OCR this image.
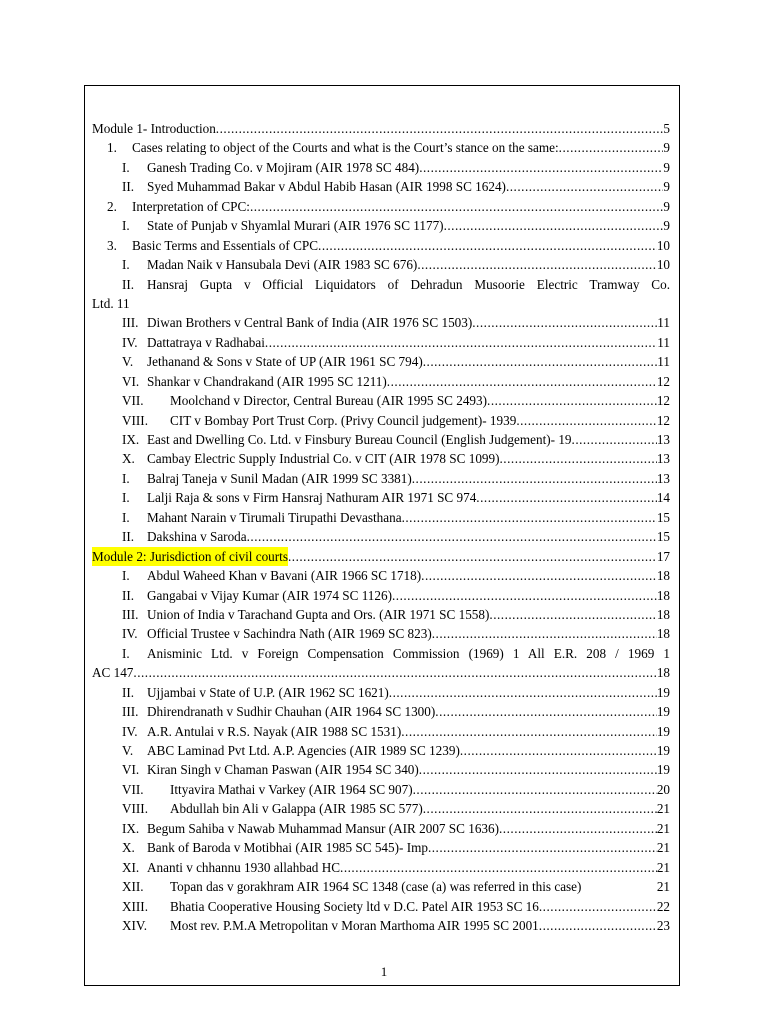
Module 1- Introduction .....	5
1.	Cases relating to object of the Courts and what is the Court’s stance on the same: .....	9
I.	Ganesh Trading Co. v Mojiram (AIR 1978 SC 484) .....	9
II. Syed Muhammad Bakar v Abdul Habib Hasan (AIR 1998 SC 1624) .....	9
2.	Interpretation of CPC: .....	9
I.	State of Punjab v Shyamlal Murari (AIR 1976 SC 1177) .....	9
3.	Basic Terms and Essentials of CPC .....	10
I.	Madan Naik v Hansubala Devi (AIR 1983 SC 676) .....	10
II. Hansraj Gupta v Official Liquidators of Dehradun Musoorie Electric Tramway Co.
Ltd. 11
III. Diwan Brothers v Central Bank of India (AIR 1976 SC 1503) .....	11
IV. Dattatraya v Radhabai .....	11
V.	Jethanand & Sons v State of UP (AIR 1961 SC 794) .....	11
VI. Shankar v Chandrakand (AIR 1995 SC 1211) .....	12
VII.	Moolchand v Director, Central Bureau (AIR 1995 SC 2493) .....	12
VIII.	CIT v Bombay Port Trust Corp. (Privy Council judgement)- 1939 .....	12
IX. East and Dwelling Co. Ltd. v Finsbury Bureau Council (English Judgement)- 19 .....	13
X. Cambay Electric Supply Industrial Co. v CIT (AIR 1978 SC 1099) .....	13
I.	Balraj Taneja v Sunil Madan (AIR 1999 SC 3381) .....	13
I.	Lalji Raja & sons v Firm Hansraj Nathuram AIR 1971 SC 974 .....	14
I.	Mahant Narain v Tirumali Tirupathi Devasthana .....	15
II. Dakshina v Saroda .....	15
Module 2: Jurisdiction of civil courts .....	17
I.	Abdul Waheed Khan v Bavani (AIR 1966 SC 1718) .....	18
II. Gangabai v Vijay Kumar (AIR 1974 SC 1126) .....	18
III. Union of India v Tarachand Gupta and Ors. (AIR 1971 SC 1558) .....	18
IV. Official Trustee v Sachindra Nath (AIR 1969 SC 823) .....	18
I.	Anisminic Ltd. v Foreign Compensation Commission (1969) 1 All E.R. 208 / 1969 1
AC 147 .....	18
II. Ujjambai v State of U.P. (AIR 1962 SC 1621) .....	19
III. Dhirendranath v Sudhir Chauhan (AIR 1964 SC 1300) .....	19
IV. A.R. Antulai v R.S. Nayak (AIR 1988 SC 1531) .....	19
V.	ABC Laminad Pvt Ltd. A.P. Agencies (AIR 1989 SC 1239) .....	19
VI. Kiran Singh v Chaman Paswan (AIR 1954 SC 340) .....	19
VII.	Ittyavira Mathai v Varkey (AIR 1964 SC 907) .....	20
VIII.	Abdullah bin Ali v Galappa (AIR 1985 SC 577) .....	21
IX. Begum Sahiba v Nawab Muhammad Mansur (AIR 2007 SC 1636) .....	21
X. Bank of Baroda v Motibhai (AIR 1985 SC 545)- Imp .....	21
XI. Ananti v chhannu 1930 allahbad HC .....	21
XII.	Topan das v gorakhram AIR 1964 SC 1348 (case (a) was referred in this case)	21
XIII.	Bhatia Cooperative Housing Society ltd v D.C. Patel AIR 1953 SC 16 .....	22
XIV.	Most rev. P.M.A Metropolitan v Moran Marthoma AIR 1995 SC 2001 .....	23
1
